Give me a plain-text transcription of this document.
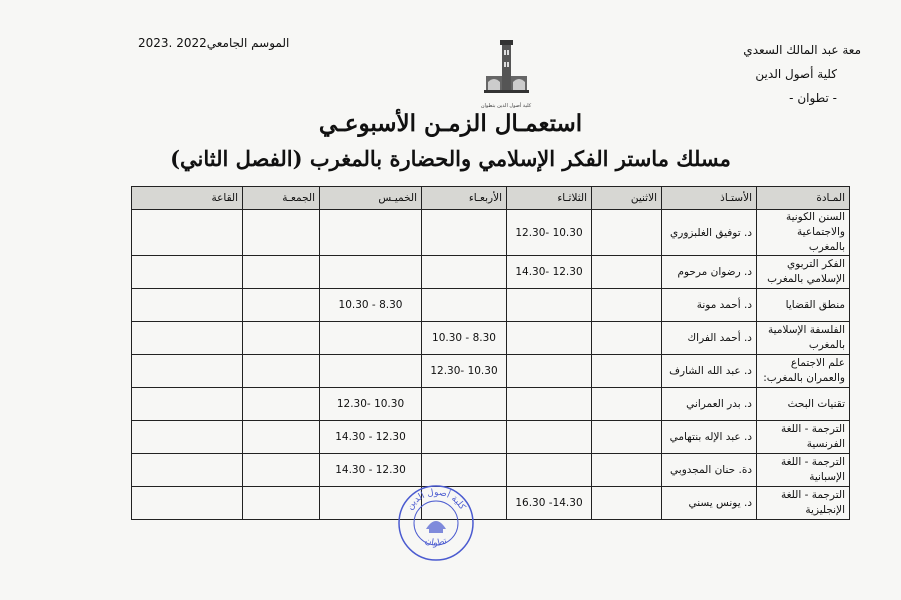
معة عبد المالك السعدي
كلية أصول الدين
- تطوان -
الموسم الجامعي2022 .2023
كلية أصول الدين بتطوان
استعمـال الزمـن الأسبوعـي
مسلك ماستر الفكر الإسلامي والحضارة بالمغرب (الفصل الثاني)
المـادة	الأستـاذ	الاثنين	الثلاثـاء	الأربعـاء	الخميـس	الجمعـة	القاعة

السنن الكونية
والاجتماعية بالمغرب	د. توفيق الغلبزوري		10.30 -12.30				

الفكر التربوي
الإسلامي بالمغرب	د. رضوان مرحوم		12.30 -14.30				

منطق القضايا	د. أحمد مونة				8.30 - 10.30		

الفلسفة الإسلامية
بالمغرب	د. أحمد الفراك			8.30 - 10.30			

علم الاجتماع
والعمران بالمغرب:	د. عبد الله الشارف			10.30 -12.30			

تقنيات البحث	د. بدر العمراني				10.30 -12.30		

الترجمة - اللغة
الفرنسية	د. عبد الإله بنتهامي				12.30 - 14.30		

الترجمة - اللغة
الإسبانية	دة. حنان المجدوبي				12.30 - 14.30		

الترجمة - اللغة
الإنجليزية	د. يونس يسني		14.30- 16.30				
كلية أصول الدين
تطوان
